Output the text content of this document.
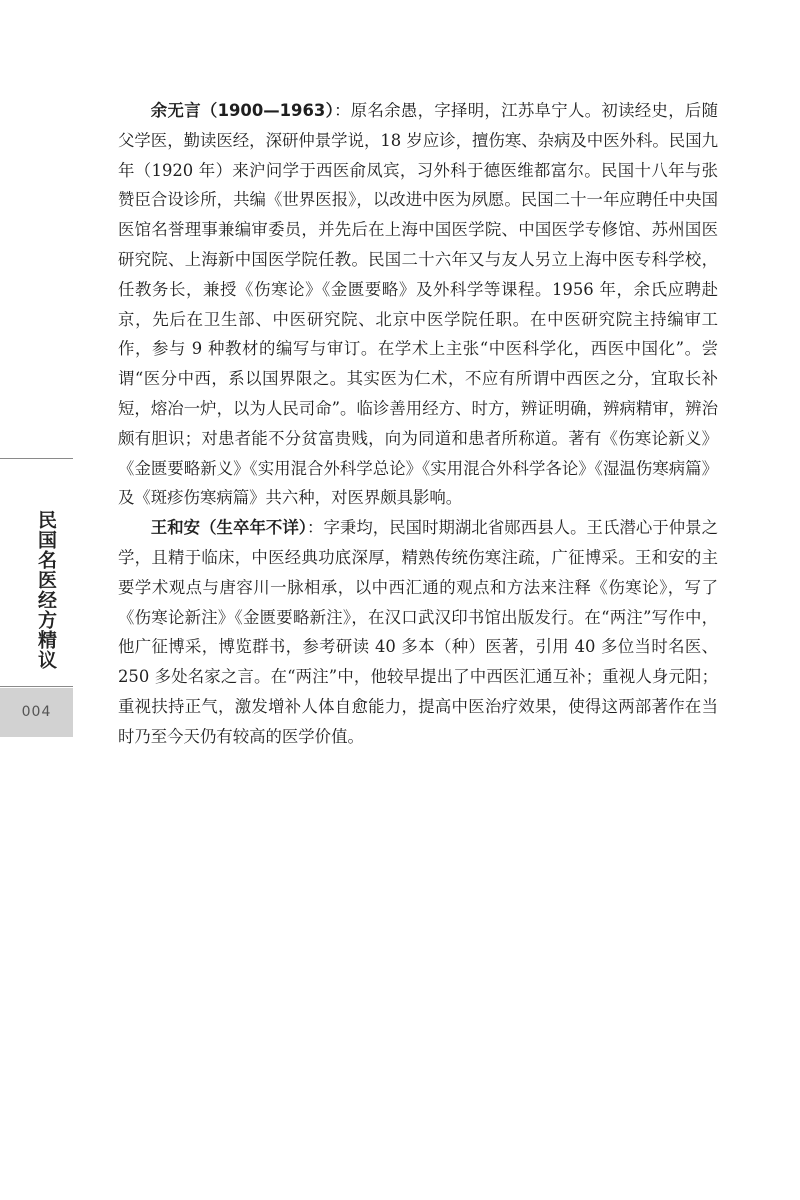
民国名医经方精议
004

余无言（1900—1963）：原名余愚，字择明，江苏阜宁人。初读经史，后随父学医，勤读医经，深研仲景学说，18 岁应诊，擅伤寒、杂病及中医外科。民国九年（1920 年）来沪问学于西医俞凤宾，习外科于德医维都富尔。民国十八年与张赞臣合设诊所，共编《世界医报》，以改进中医为夙愿。民国二十一年应聘任中央国医馆名誉理事兼编审委员，并先后在上海中国医学院、中国医学专修馆、苏州国医研究院、上海新中国医学院任教。民国二十六年又与友人另立上海中医专科学校，任教务长，兼授《伤寒论》《金匮要略》及外科学等课程。1956 年，余氏应聘赴京，先后在卫生部、中医研究院、北京中医学院任职。在中医研究院主持编审工作，参与 9 种教材的编写与审订。在学术上主张“中医科学化，西医中国化”。尝谓“医分中西，系以国界限之。其实医为仁术，不应有所谓中西医之分，宜取长补短，熔冶一炉，以为人民司命”。临诊善用经方、时方，辨证明确，辨病精审，辨治颇有胆识；对患者能不分贫富贵贱，向为同道和患者所称道。著有《伤寒论新义》《金匮要略新义》《实用混合外科学总论》《实用混合外科学各论》《湿温伤寒病篇》及《斑疹伤寒病篇》共六种，对医界颇具影响。

王和安（生卒年不详）：字秉均，民国时期湖北省郧西县人。王氏潜心于仲景之学，且精于临床，中医经典功底深厚，精熟传统伤寒注疏，广征博采。王和安的主要学术观点与唐容川一脉相承，以中西汇通的观点和方法来注释《伤寒论》，写了《伤寒论新注》《金匮要略新注》，在汉口武汉印书馆出版发行。在“两注”写作中，他广征博采，博览群书，参考研读 40 多本（种）医著，引用 40 多位当时名医、250 多处名家之言。在“两注”中，他较早提出了中西医汇通互补；重视人身元阳；重视扶持正气，激发增补人体自愈能力，提高中医治疗效果，使得这两部著作在当时乃至今天仍有较高的医学价值。
